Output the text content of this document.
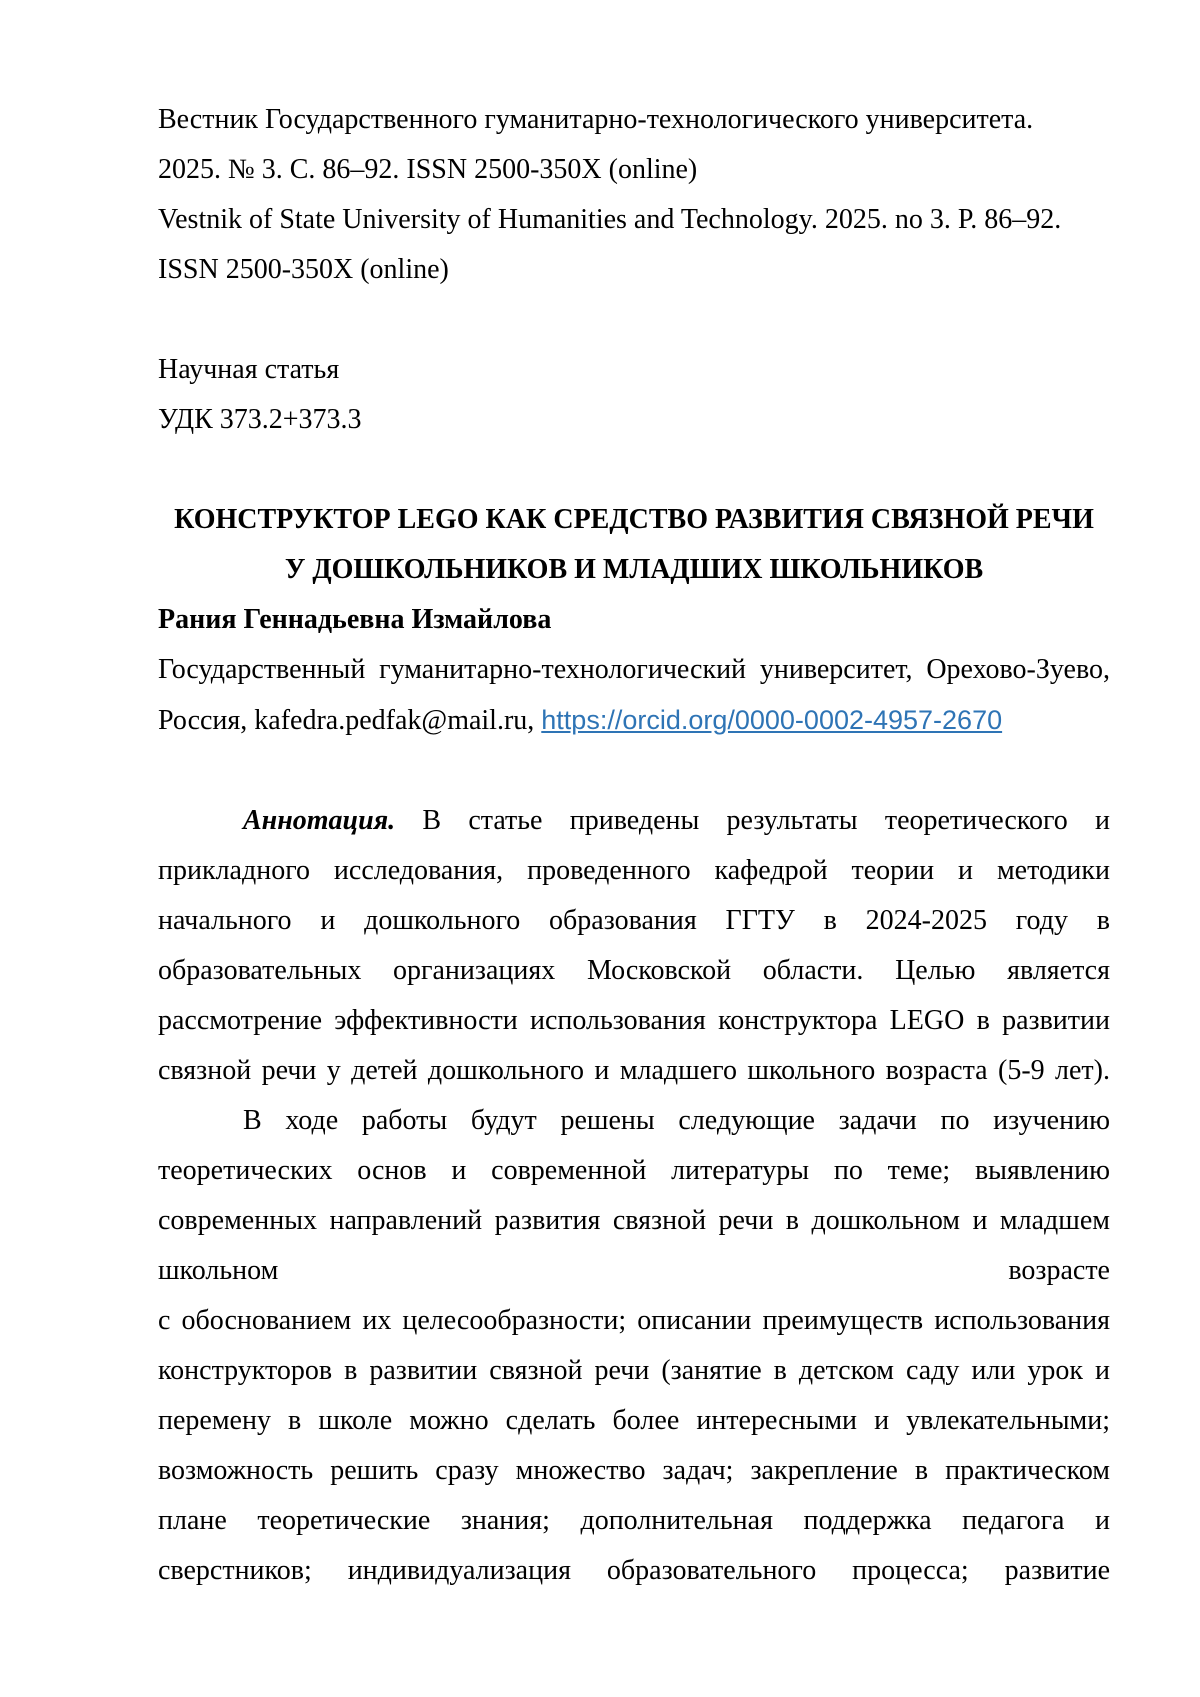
Вестник Государственного гуманитарно-технологического университета.
2025. № 3. С. 86–92. ISSN 2500-350X (online)
Vestnik of State University of Humanities and Technology. 2025. no 3. P. 86–92.
ISSN 2500-350X (online)
Научная статья
УДК 373.2+373.3
КОНСТРУКТОР LEGO КАК СРЕДСТВО РАЗВИТИЯ СВЯЗНОЙ РЕЧИ
У ДОШКОЛЬНИКОВ И МЛАДШИХ ШКОЛЬНИКОВ
Рания Геннадьевна Измайлова
Государственный гуманитарно-технологический университет, Орехово-Зуево,
Россия, kafedra.pedfak@mail.ru, https://orcid.org/0000-0002-4957-2670
Аннотация. В статье приведены результаты теоретического и
прикладного исследования, проведенного кафедрой теории и методики
начального и дошкольного образования ГГТУ в 2024-2025 году в
образовательных организациях Московской области. Целью является
рассмотрение эффективности использования конструктора LEGO в развитии
связной речи у детей дошкольного и младшего школьного возраста (5-9 лет).
В ходе работы будут решены следующие задачи по изучению
теоретических основ и современной литературы по теме; выявлению
современных направлений развития связной речи в дошкольном и младшем
школьном возрасте
с обоснованием их целесообразности; описании преимуществ использования
конструкторов в развитии связной речи (занятие в детском саду или урок и
перемену в школе можно сделать более интересными и увлекательными;
возможность решить сразу множество задач; закрепление в практическом
плане теоретические знания; дополнительная поддержка педагога и
сверстников; индивидуализация образовательного процесса; развитие
